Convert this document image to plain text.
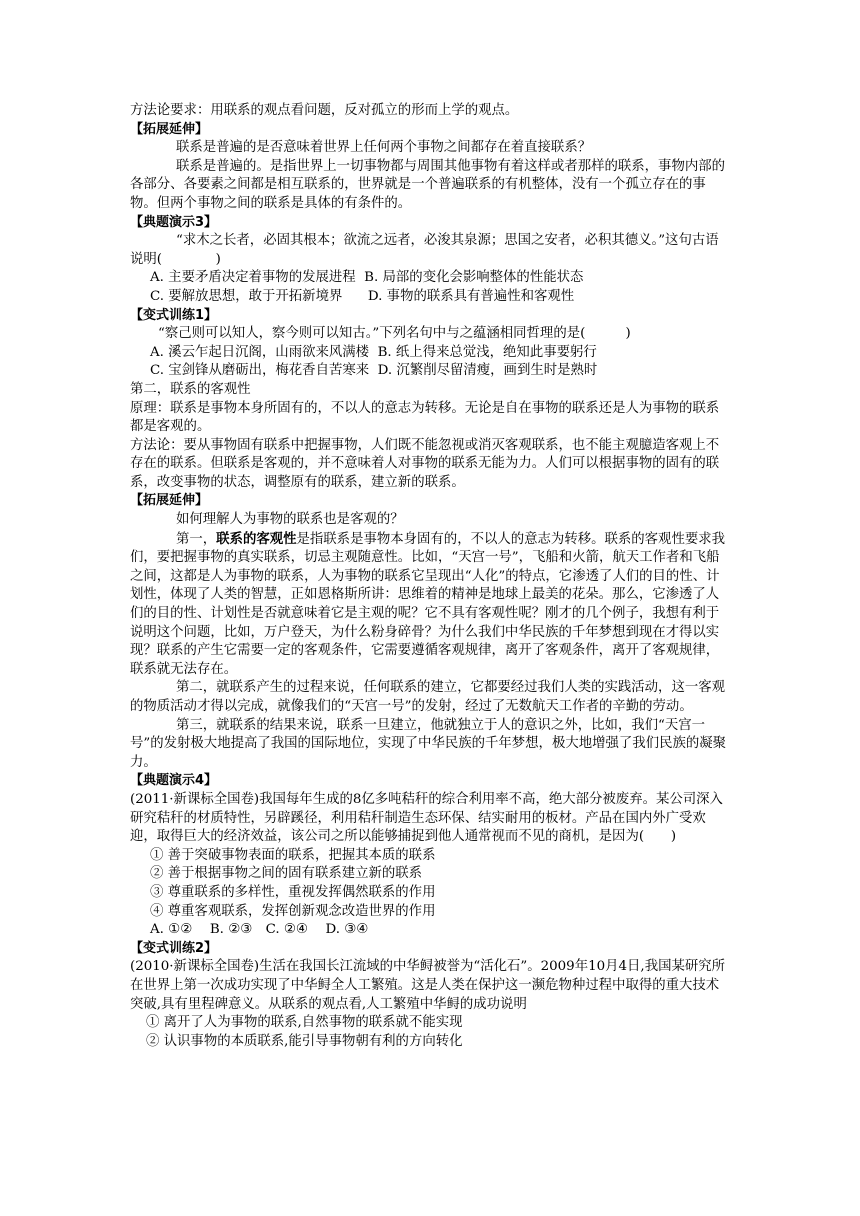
方法论要求：用联系的观点看问题，反对孤立的形而上学的观点。

【拓展延伸】

联系是普遍的是否意味着世界上任何两个事物之间都存在着直接联系？

联系是普遍的。是指世界上一切事物都与周围其他事物有着这样或者那样的联系，事物内部的各部分、各要素之间都是相互联系的，世界就是一个普遍联系的有机整体，没有一个孤立存在的事物。但两个事物之间的联系是具体的有条件的。

【典题演示3】

“求木之长者，必固其根本；欲流之远者，必浚其泉源；思国之安者，必积其德义。”这句古语说明(　　　　)

A. 主要矛盾决定着事物的发展进程 B. 局部的变化会影响整体的性能状态

C. 要解放思想，敢于开拓新境界 D. 事物的联系具有普遍性和客观性

【变式训练1】

“察己则可以知人，察今则可以知古。”下列名句中与之蕴涵相同哲理的是(　　　)

A. 溪云乍起日沉阁，山雨欲来风满楼 B. 纸上得来总觉浅，绝知此事要躬行

C. 宝剑锋从磨砺出，梅花香自苦寒来 D. 沉繁削尽留清瘦，画到生时是熟时

第二，联系的客观性

原理：联系是事物本身所固有的，不以人的意志为转移。无论是自在事物的联系还是人为事物的联系都是客观的。

方法论：要从事物固有联系中把握事物，人们既不能忽视或消灭客观联系，也不能主观臆造客观上不存在的联系。但联系是客观的，并不意味着人对事物的联系无能为力。人们可以根据事物的固有的联系，改变事物的状态，调整原有的联系，建立新的联系。

【拓展延伸】

如何理解人为事物的联系也是客观的？

第一，联系的客观性是指联系是事物本身固有的，不以人的意志为转移。联系的客观性要求我们，要把握事物的真实联系，切忌主观随意性。比如，“天宫一号”，飞船和火箭，航天工作者和飞船之间，这都是人为事物的联系，人为事物的联系它呈现出“人化”的特点，它渗透了人们的目的性、计划性，体现了人类的智慧，正如恩格斯所讲：思维着的精神是地球上最美的花朵。那么，它渗透了人们的目的性、计划性是否就意味着它是主观的呢？它不具有客观性呢？刚才的几个例子，我想有利于说明这个问题，比如，万户登天，为什么粉身碎骨？为什么我们中华民族的千年梦想到现在才得以实现？联系的产生它需要一定的客观条件，它需要遵循客观规律，离开了客观条件，离开了客观规律，联系就无法存在。

第二，就联系产生的过程来说，任何联系的建立，它都要经过我们人类的实践活动，这一客观的物质活动才得以完成，就像我们的“天宫一号”的发射，经过了无数航天工作者的辛勤的劳动。

第三，就联系的结果来说，联系一旦建立，他就独立于人的意识之外，比如，我们“天宫一号”的发射极大地提高了我国的国际地位，实现了中华民族的千年梦想，极大地增强了我们民族的凝聚力。

【典题演示4】

(2011·新课标全国卷)我国每年生成的8亿多吨秸秆的综合利用率不高，绝大部分被废弃。某公司深入研究秸秆的材质特性，另辟蹊径，利用秸秆制造生态环保、结实耐用的板材。产品在国内外广受欢迎，取得巨大的经济效益，该公司之所以能够捕捉到他人通常视而不见的商机，是因为(　　)

① 善于突破事物表面的联系，把握其本质的联系

② 善于根据事物之间的固有联系建立新的联系

③ 尊重联系的多样性，重视发挥偶然联系的作用

④ 尊重客观联系，发挥创新观念改造世界的作用

A. ①②　 B. ②③　C. ②④　 D. ③④

【变式训练2】

(2010·新课标全国卷)生活在我国长江流域的中华鲟被誉为“活化石”。2009年10月4日,我国某研究所在世界上第一次成功实现了中华鲟全人工繁殖。这是人类在保护这一濒危物种过程中取得的重大技术突破,具有里程碑意义。从联系的观点看,人工繁殖中华鲟的成功说明

① 离开了人为事物的联系,自然事物的联系就不能实现

② 认识事物的本质联系,能引导事物朝有利的方向转化
